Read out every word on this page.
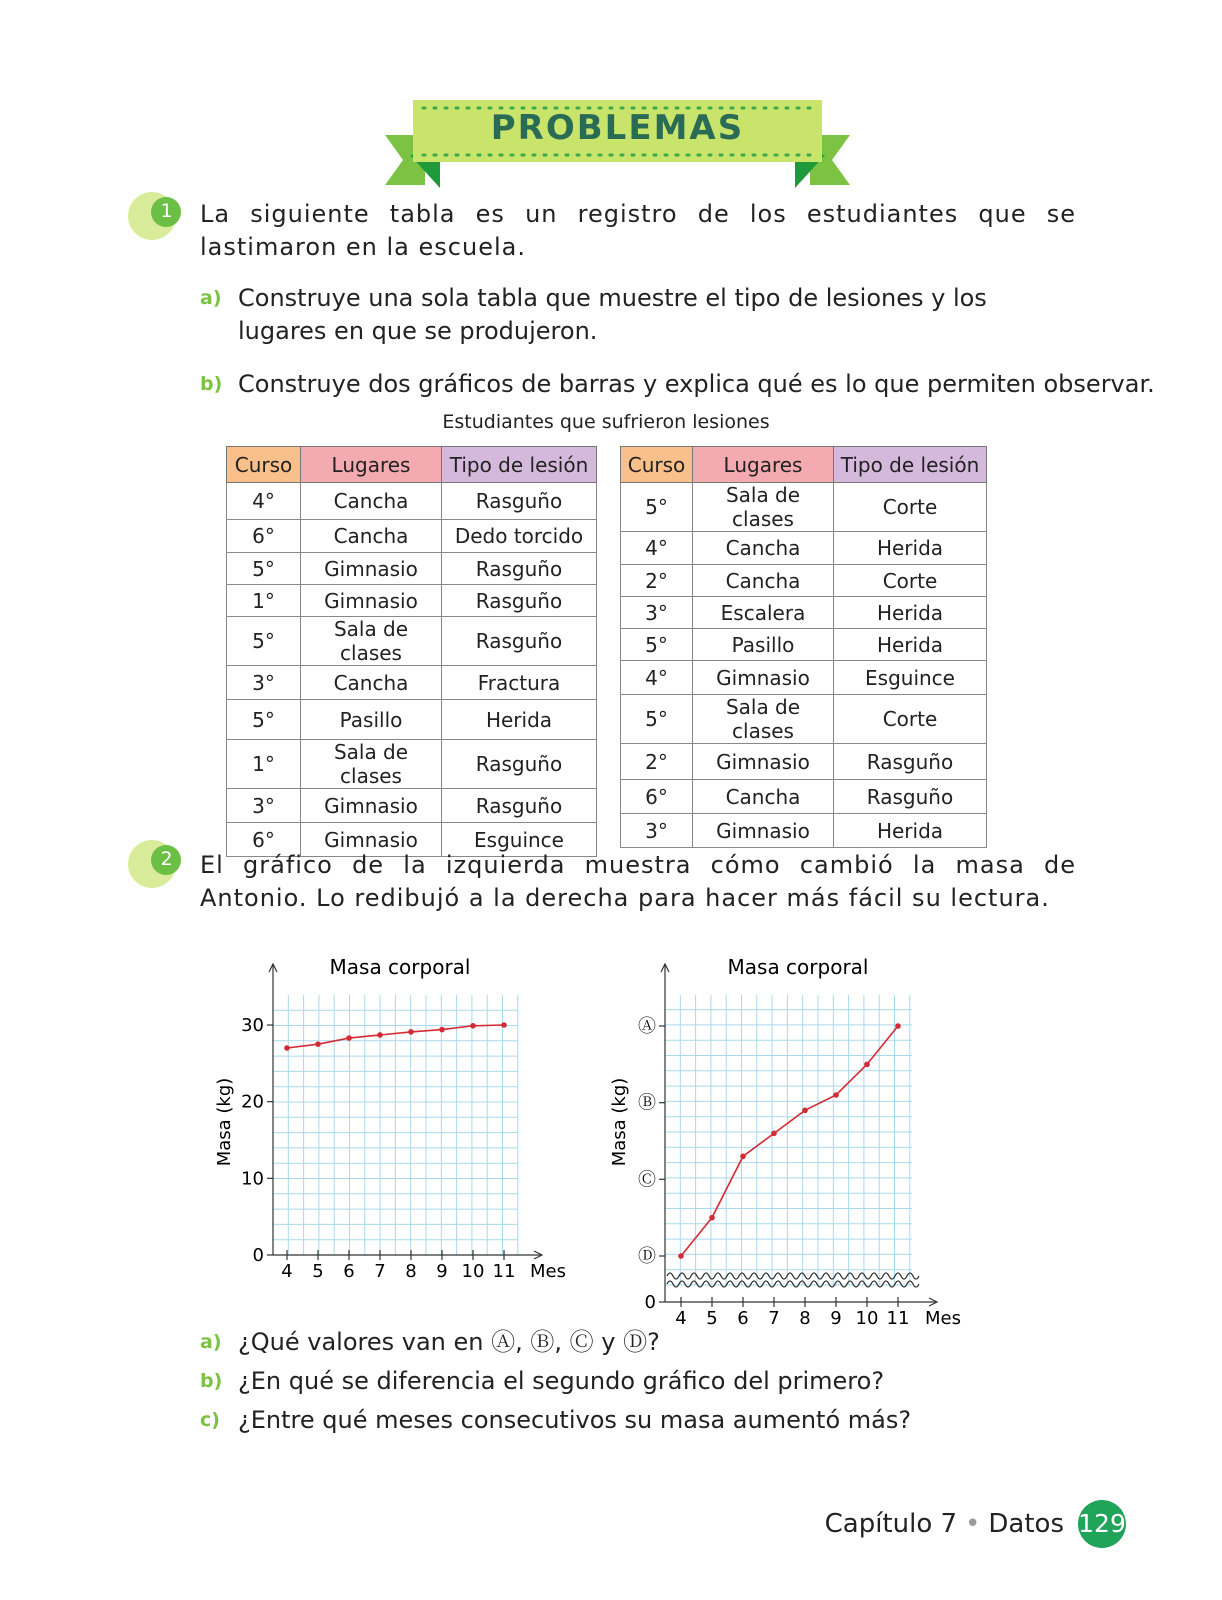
PROBLEMAS
1 La siguiente tabla es un registro de los estudiantes que se lastimaron en la escuela.
a) Construye una sola tabla que muestre el tipo de lesiones y los lugares en que se produjeron.
b) Construye dos gráficos de barras y explica qué es lo que permiten observar.
Estudiantes que sufrieron lesiones
Curso	Lugares	Tipo de lesión
4°	Cancha	Rasguño
6°	Cancha	Dedo torcido
5°	Gimnasio	Rasguño
1°	Gimnasio	Rasguño
5°	Sala de clases	Rasguño
3°	Cancha	Fractura
5°	Pasillo	Herida
1°	Sala de clases	Rasguño
3°	Gimnasio	Rasguño
6°	Gimnasio	Esguince
Curso	Lugares	Tipo de lesión
5°	Sala de clases	Corte
4°	Cancha	Herida
2°	Cancha	Corte
3°	Escalera	Herida
5°	Pasillo	Herida
4°	Gimnasio	Esguince
5°	Sala de clases	Corte
2°	Gimnasio	Rasguño
6°	Cancha	Rasguño
3°	Gimnasio	Herida
2 El gráfico de la izquierda muestra cómo cambió la masa de Antonio. Lo redibujó a la derecha para hacer más fácil su lectura.
Masa corporal
Masa (kg)
4 5 6 7 8 9 10 11 Mes
0
10
20
30
Masa corporal
Masa (kg)
4 5 6 7 8 9 10 11 Mes
0
Ⓓ
Ⓒ
Ⓑ
Ⓐ
a) ¿Qué valores van en Ⓐ, Ⓑ, Ⓒ y Ⓓ?
b) ¿En qué se diferencia el segundo gráfico del primero?
c) ¿Entre qué meses consecutivos su masa aumentó más?
Capítulo 7 • Datos 129
